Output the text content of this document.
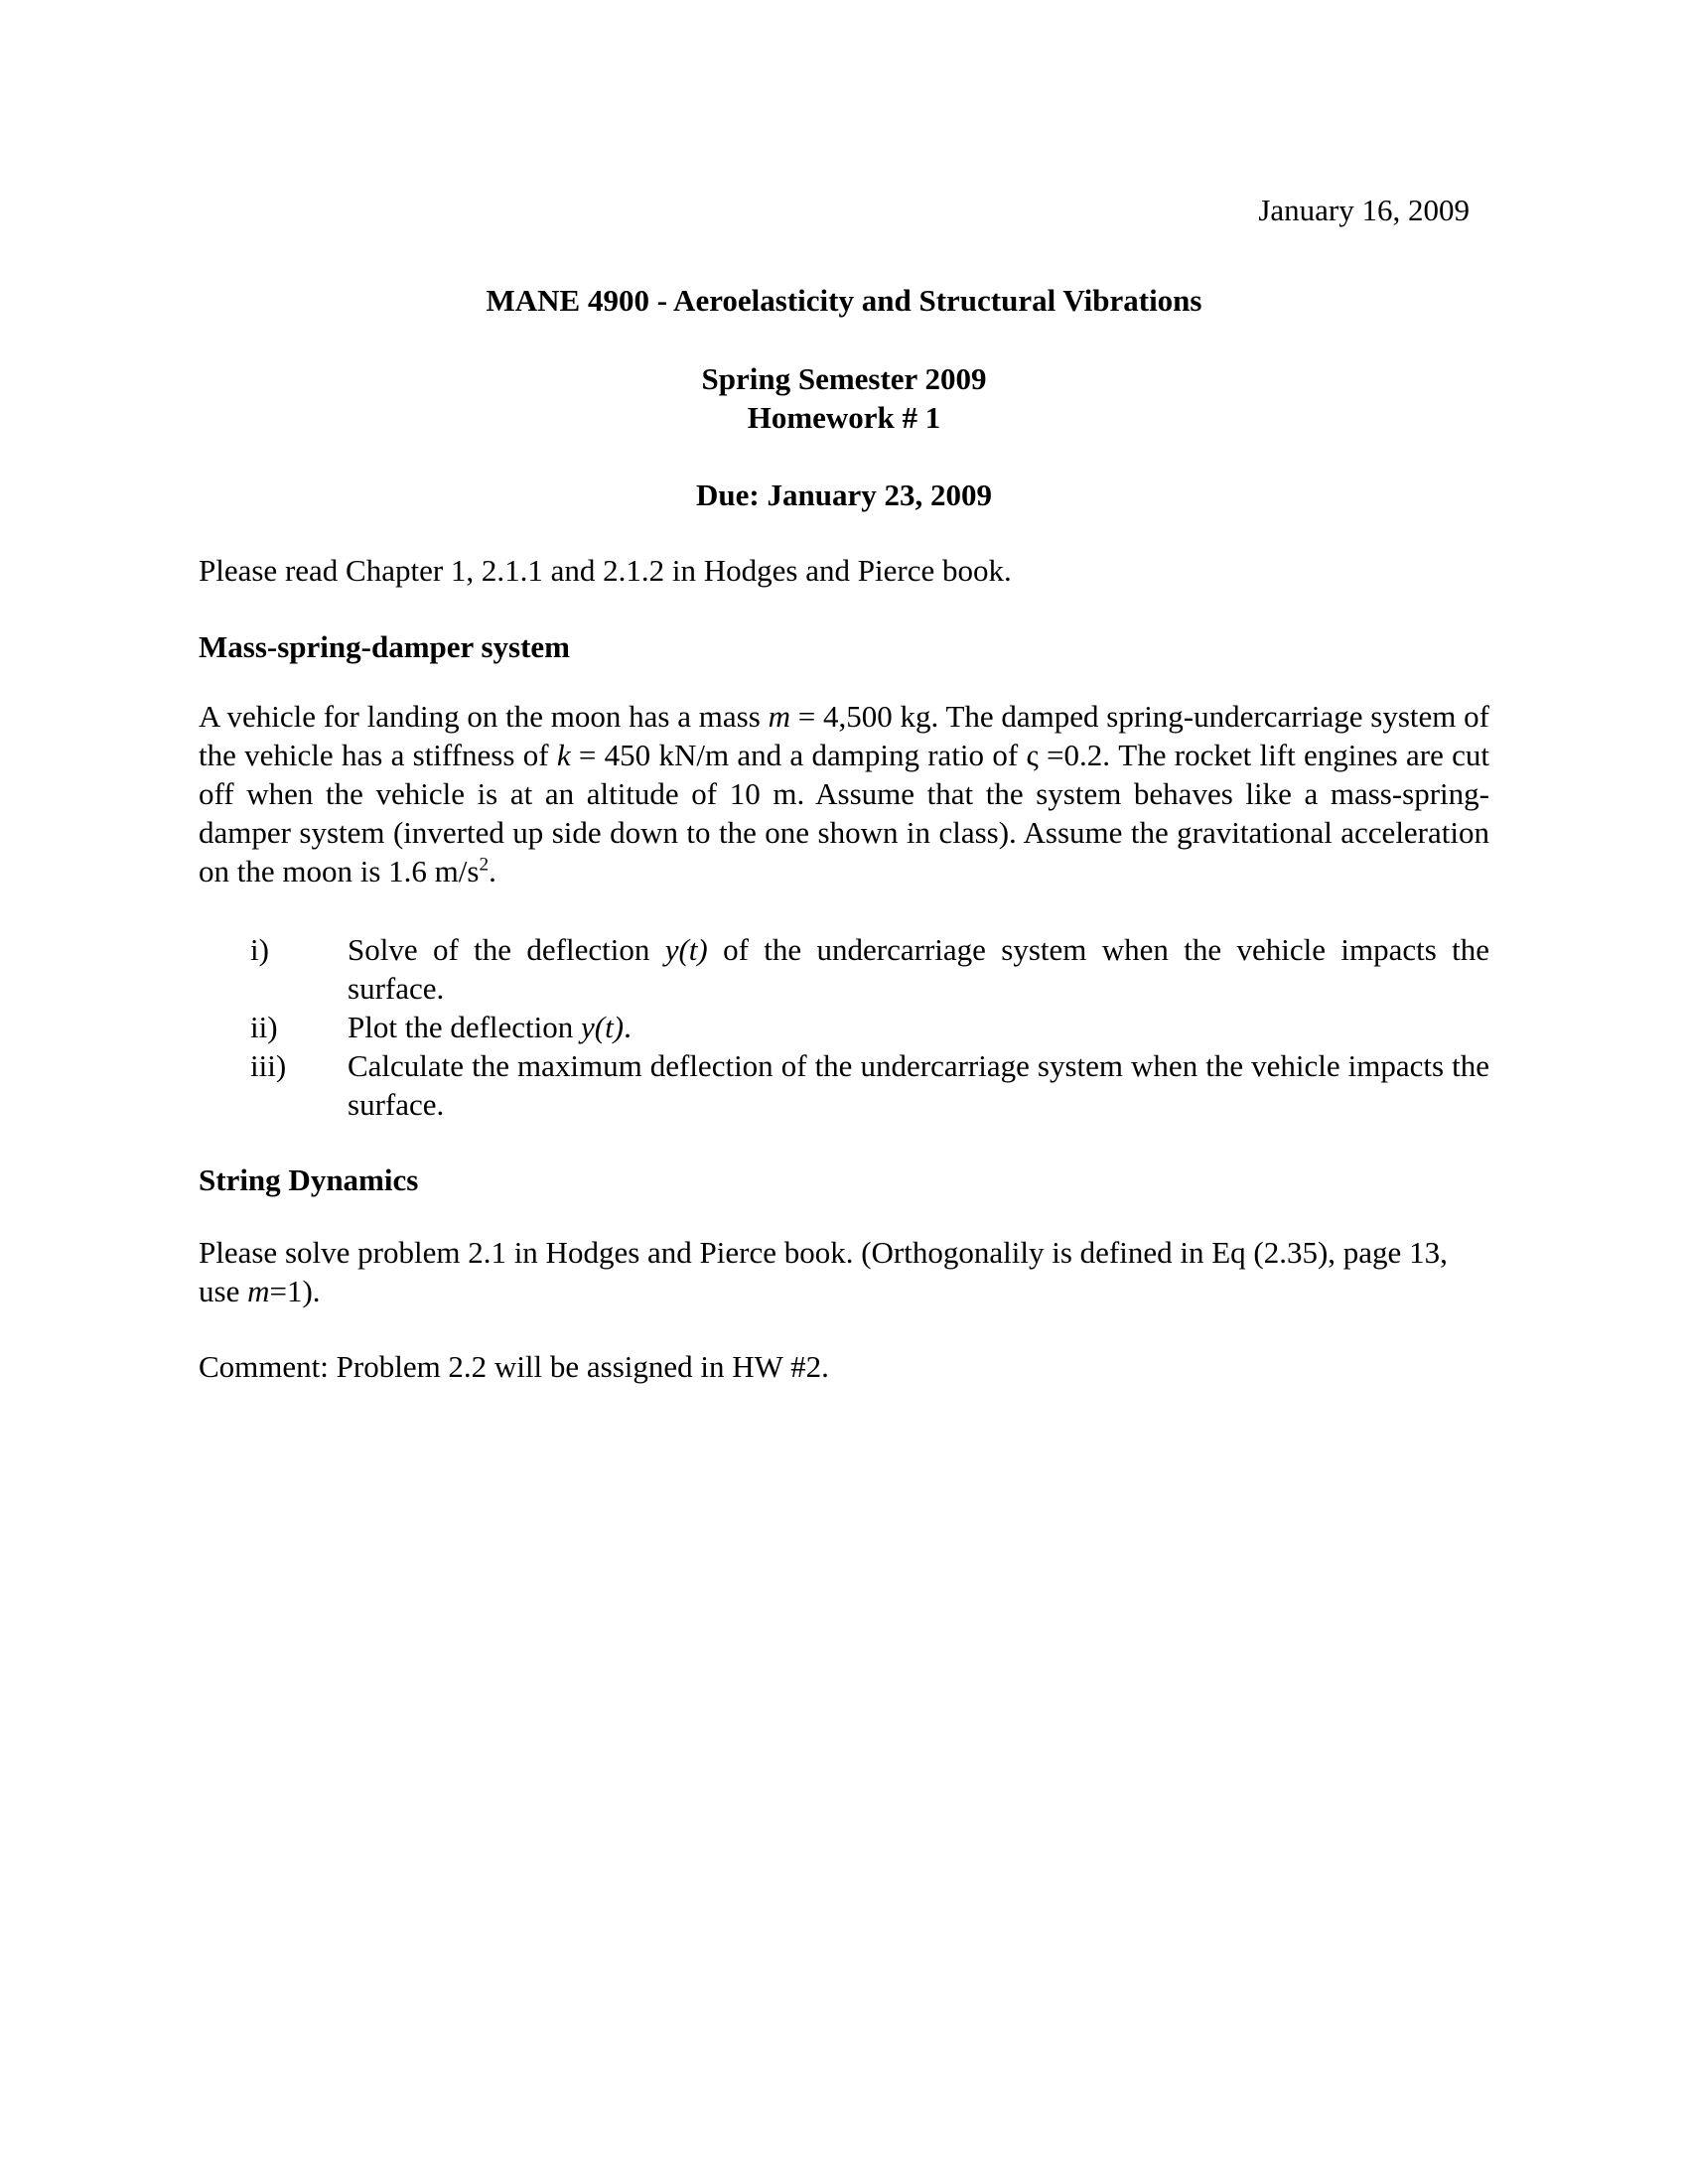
January 16, 2009
MANE 4900 - Aeroelasticity and Structural Vibrations
Spring Semester 2009
Homework # 1
Due: January 23, 2009
Please read Chapter 1, 2.1.1 and 2.1.2 in Hodges and Pierce book.
Mass-spring-damper system
A vehicle for landing on the moon has a mass m = 4,500 kg. The damped spring-undercarriage system of the vehicle has a stiffness of k = 450 kN/m and a damping ratio of ς =0.2. The rocket lift engines are cut off when the vehicle is at an altitude of 10 m. Assume that the system behaves like a mass-spring-damper system (inverted up side down to the one shown in class). Assume the gravitational acceleration on the moon is 1.6 $m/s^2$.
i)	Solve of the deflection y(t) of the undercarriage system when the vehicle impacts the surface.
ii)	Plot the deflection y(t).
iii)	Calculate the maximum deflection of the undercarriage system when the vehicle impacts the surface.
String Dynamics
Please solve problem 2.1 in Hodges and Pierce book. (Orthogonalily is defined in Eq (2.35), page 13, use m=1).
Comment: Problem 2.2 will be assigned in HW #2.
